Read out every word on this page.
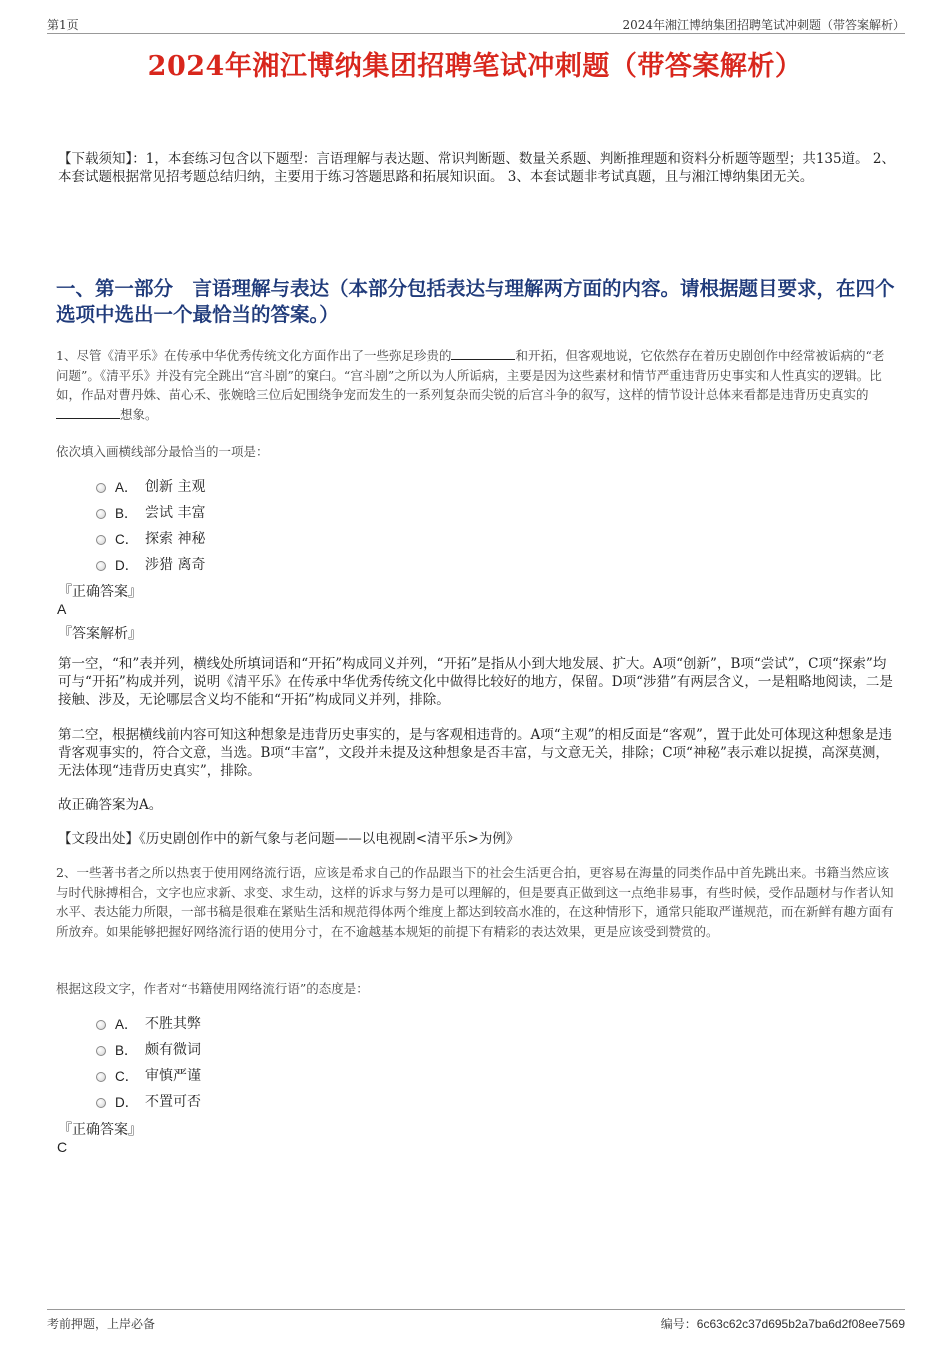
第1页	2024年湘江博纳集团招聘笔试冲刺题（带答案解析）
2024年湘江博纳集团招聘笔试冲刺题（带答案解析）

【下载须知】：1，本套练习包含以下题型：言语理解与表达题、常识判断题、数量关系题、判断推理题和资料分析题等题型；共135道。 2、本套试题根据常见招考题总结归纳，主要用于练习答题思路和拓展知识面。 3、本套试题非考试真题，且与湘江博纳集团无关。

一、第一部分　言语理解与表达（本部分包括表达与理解两方面的内容。请根据题目要求，在四个选项中选出一个最恰当的答案。）

1、尽管《清平乐》在传承中华优秀传统文化方面作出了一些弥足珍贵的	和开拓，但客观地说，它依然存在着历史剧创作中经常被诟病的“老问题”。《清平乐》并没有完全跳出“宫斗剧”的窠臼。“宫斗剧”之所以为人所诟病，主要是因为这些素材和情节严重违背历史事实和人性真实的逻辑。比如，作品对曹丹姝、苗心禾、张婉晗三位后妃围绕争宠而发生的一系列复杂而尖锐的后宫斗争的叙写，这样的情节设计总体来看都是违背历史真实的想象。

依次填入画横线部分最恰当的一项是：

A． 创新 主观
B． 尝试 丰富
C． 探索 神秘
D． 涉猎 离奇
『正确答案』
A
『答案解析』

第一空，“和”表并列，横线处所填词语和“开拓”构成同义并列，“开拓”是指从小到大地发展、扩大。A项“创新”，B项“尝试”，C项“探索”均可与“开拓”构成并列，说明《清平乐》在传承中华优秀传统文化中做得比较好的地方，保留。D项“涉猎”有两层含义，一是粗略地阅读，二是接触、涉及，无论哪层含义均不能和“开拓”构成同义并列，排除。

第二空，根据横线前内容可知这种想象是违背历史事实的，是与客观相违背的。A项“主观”的相反面是“客观”，置于此处可体现这种想象是违背客观事实的，符合文意，当选。B项“丰富”，文段并未提及这种想象是否丰富，与文意无关，排除；C项“神秘”表示难以捉摸，高深莫测，无法体现“违背历史真实”，排除。

故正确答案为A。

【文段出处】《历史剧创作中的新气象与老问题——以电视剧<清平乐>为例》

2、一些著书者之所以热衷于使用网络流行语，应该是希求自己的作品跟当下的社会生活更合拍，更容易在海量的同类作品中首先跳出来。书籍当然应该与时代脉搏相合，文字也应求新、求变、求生动，这样的诉求与努力是可以理解的，但是要真正做到这一点绝非易事，有些时候，受作品题材与作者认知水平、表达能力所限，一部书稿是很难在紧贴生活和规范得体两个维度上都达到较高水准的，在这种情形下，通常只能取严谨规范，而在新鲜有趣方面有所放弃。如果能够把握好网络流行语的使用分寸，在不逾越基本规矩的前提下有精彩的表达效果，更是应该受到赞赏的。

根据这段文字，作者对“书籍使用网络流行语”的态度是：

A． 不胜其弊
B． 颇有微词
C． 审慎严谨
D． 不置可否
『正确答案』
C
考前押题，上岸必备	编号：6c63c62c37d695b2a7ba6d2f08ee7569
